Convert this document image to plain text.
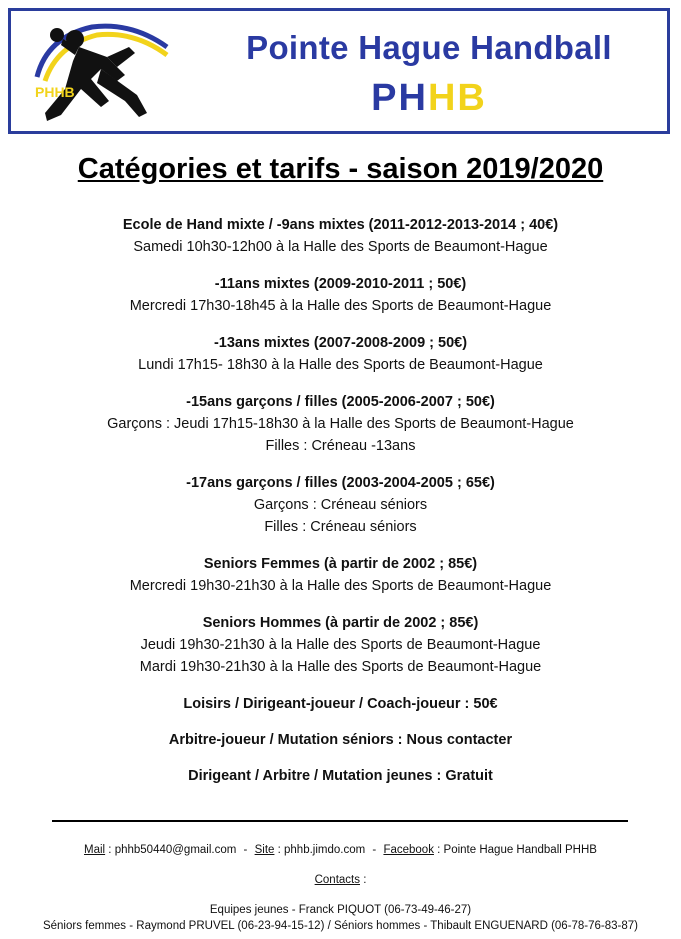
PHHB
Pointe Hague Handball
PHHB
Catégories et tarifs - saison 2019/2020
Ecole de Hand mixte / -9ans mixtes (2011-2012-2013-2014 ; 40€)
Samedi 10h30-12h00 à la Halle des Sports de Beaumont-Hague
-11ans mixtes (2009-2010-2011 ; 50€)
Mercredi 17h30-18h45 à la Halle des Sports de Beaumont-Hague
-13ans mixtes (2007-2008-2009 ; 50€)
Lundi 17h15- 18h30 à la Halle des Sports de Beaumont-Hague
-15ans garçons / filles (2005-2006-2007 ; 50€)
Garçons : Jeudi 17h15-18h30 à la Halle des Sports de Beaumont-Hague
Filles : Créneau -13ans
-17ans garçons / filles (2003-2004-2005 ; 65€)
Garçons : Créneau séniors
Filles : Créneau séniors
Seniors Femmes (à partir de 2002 ; 85€)
Mercredi 19h30-21h30 à la Halle des Sports de Beaumont-Hague
Seniors Hommes (à partir de 2002 ; 85€)
Jeudi 19h30-21h30 à la Halle des Sports de Beaumont-Hague
Mardi 19h30-21h30 à la Halle des Sports de Beaumont-Hague
Loisirs / Dirigeant-joueur / Coach-joueur : 50€
Arbitre-joueur / Mutation séniors : Nous contacter
Dirigeant / Arbitre / Mutation jeunes : Gratuit
Mail : phhb50440@gmail.com - Site : phhb.jimdo.com - Facebook : Pointe Hague Handball PHHB
Contacts :
Equipes jeunes - Franck PIQUOT (06-73-49-46-27)
Séniors femmes - Raymond PRUVEL (06-23-94-15-12) / Séniors hommes - Thibault ENGUENARD (06-78-76-83-87)
